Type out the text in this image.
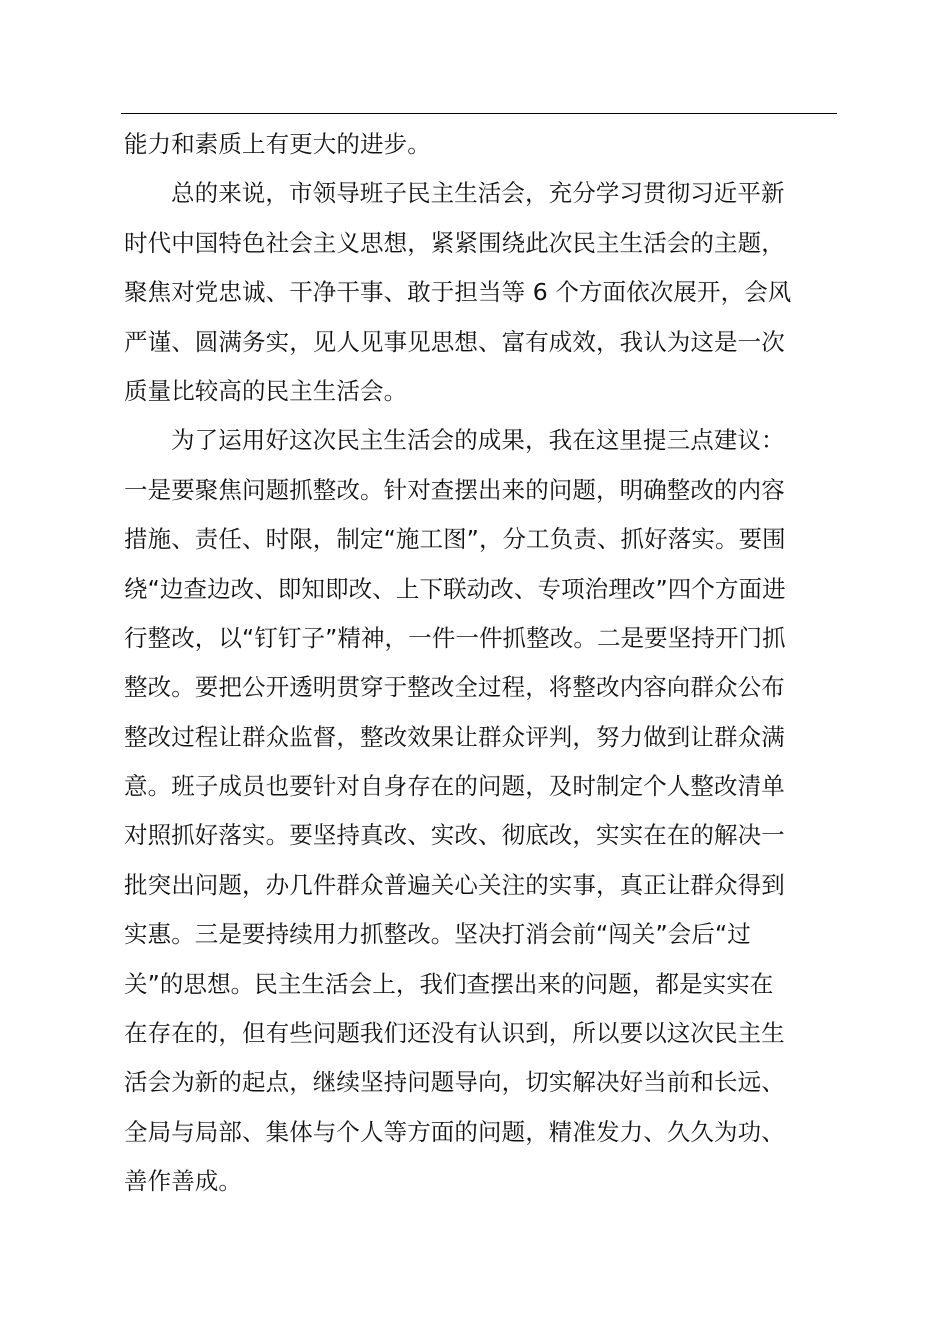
能力和素质上有更大的进步。
总的来说，市领导班子民主生活会，充分学习贯彻习近平新
时代中国特色社会主义思想，紧紧围绕此次民主生活会的主题，
聚焦对党忠诚、干净干事、敢于担当等 6 个方面依次展开，会风
严谨、圆满务实，见人见事见思想、富有成效，我认为这是一次
质量比较高的民主生活会。
为了运用好这次民主生活会的成果，我在这里提三点建议：
一是要聚焦问题抓整改。针对查摆出来的问题，明确整改的内容
措施、责任、时限，制定“施工图”，分工负责、抓好落实。要围
绕“边查边改、即知即改、上下联动改、专项治理改”四个方面进
行整改，以“钉钉子”精神，一件一件抓整改。二是要坚持开门抓
整改。要把公开透明贯穿于整改全过程，将整改内容向群众公布
整改过程让群众监督，整改效果让群众评判，努力做到让群众满
意。班子成员也要针对自身存在的问题，及时制定个人整改清单
对照抓好落实。要坚持真改、实改、彻底改，实实在在的解决一
批突出问题，办几件群众普遍关心关注的实事，真正让群众得到
实惠。三是要持续用力抓整改。坚决打消会前“闯关”会后“过
关”的思想。民主生活会上，我们查摆出来的问题，都是实实在
在存在的，但有些问题我们还没有认识到，所以要以这次民主生
活会为新的起点，继续坚持问题导向，切实解决好当前和长远、
全局与局部、集体与个人等方面的问题，精准发力、久久为功、
善作善成。
